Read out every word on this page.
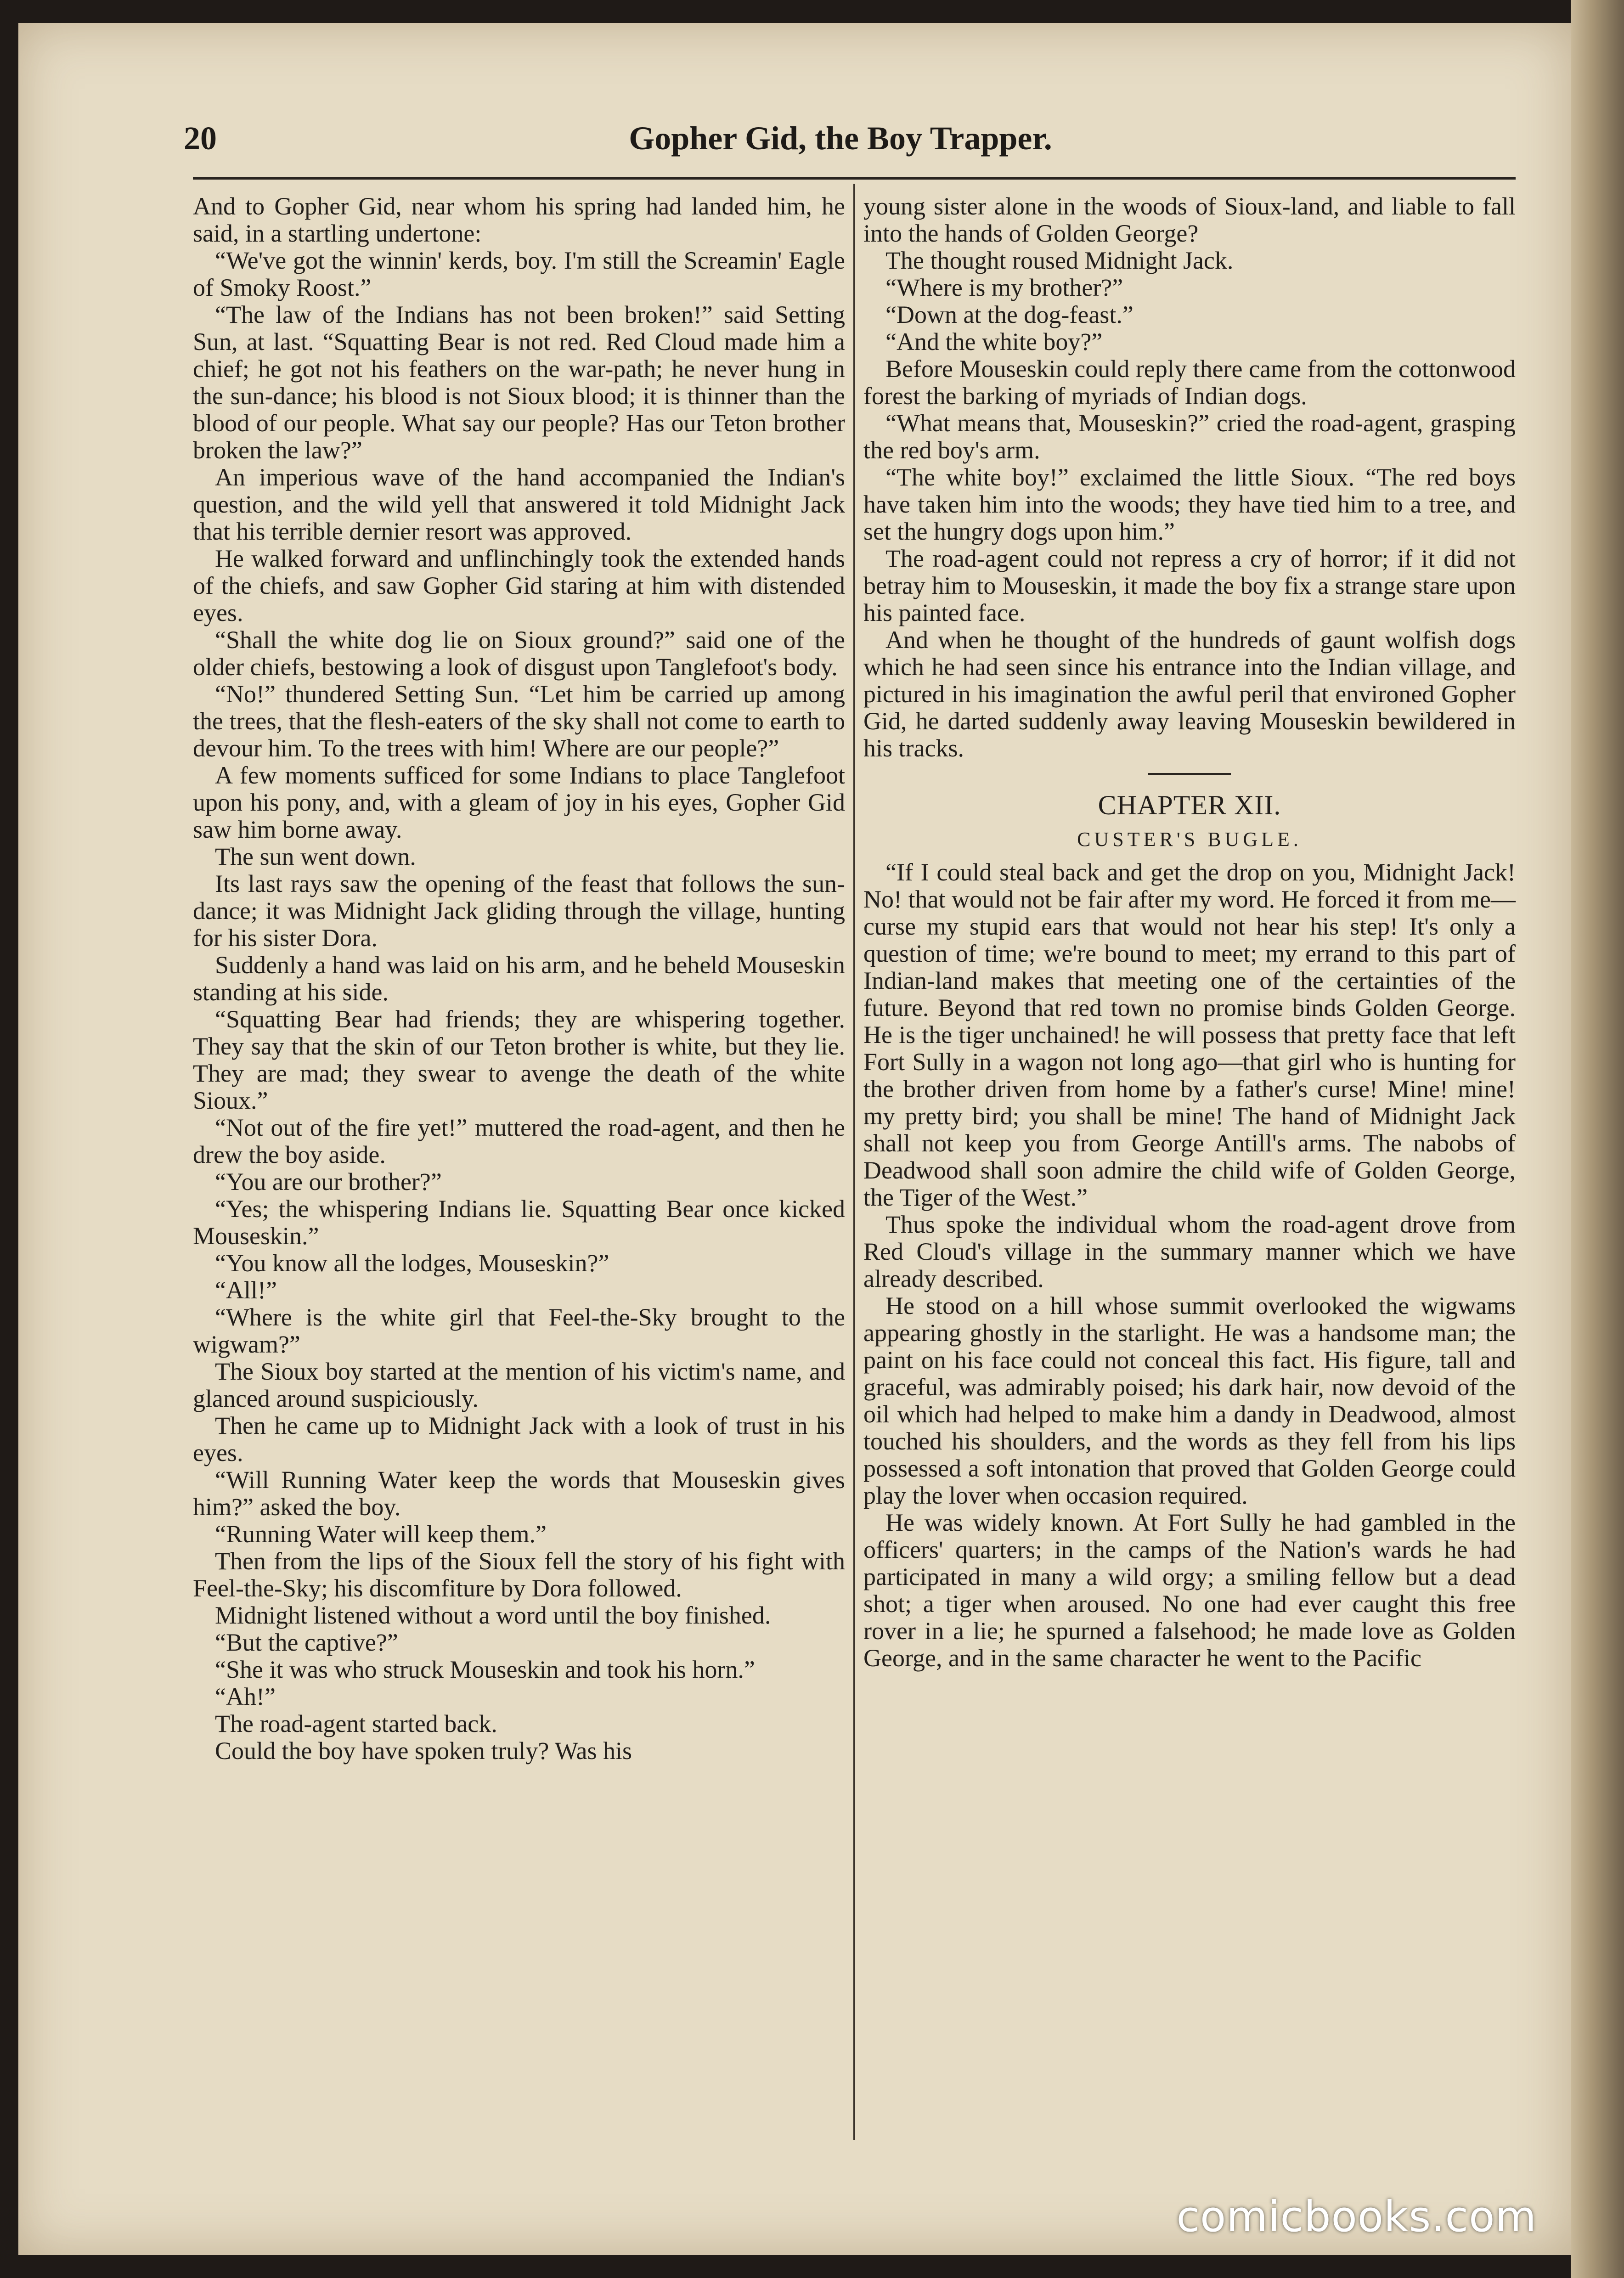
20	Gopher Gid, the Boy Trapper.

And to Gopher Gid, near whom his spring had landed him, he said, in a startling undertone:

“We've got the winnin' kerds, boy. I'm still the Screamin' Eagle of Smoky Roost.”

“The law of the Indians has not been broken!” said Setting Sun, at last. “Squatting Bear is not red. Red Cloud made him a chief; he got not his feathers on the war-path; he never hung in the sun-dance; his blood is not Sioux blood; it is thinner than the blood of our people. What say our people? Has our Teton brother broken the law?”

An imperious wave of the hand accompanied the Indian's question, and the wild yell that answered it told Midnight Jack that his terrible dernier resort was approved.

He walked forward and unflinchingly took the extended hands of the chiefs, and saw Gopher Gid staring at him with distended eyes.

“Shall the white dog lie on Sioux ground?” said one of the older chiefs, bestowing a look of disgust upon Tanglefoot's body.

“No!” thundered Setting Sun. “Let him be carried up among the trees, that the flesh-eaters of the sky shall not come to earth to devour him. To the trees with him! Where are our people?”

A few moments sufficed for some Indians to place Tanglefoot upon his pony, and, with a gleam of joy in his eyes, Gopher Gid saw him borne away.

The sun went down.

Its last rays saw the opening of the feast that follows the sun-dance; it was Midnight Jack gliding through the village, hunting for his sister Dora.

Suddenly a hand was laid on his arm, and he beheld Mouseskin standing at his side.

“Squatting Bear had friends; they are whispering together. They say that the skin of our Teton brother is white, but they lie. They are mad; they swear to avenge the death of the white Sioux.”

“Not out of the fire yet!” muttered the road-agent, and then he drew the boy aside.

“You are our brother?”

“Yes; the whispering Indians lie. Squatting Bear once kicked Mouseskin.”

“You know all the lodges, Mouseskin?”

“All!”

“Where is the white girl that Feel-the-Sky brought to the wigwam?”

The Sioux boy started at the mention of his victim's name, and glanced around suspiciously.

Then he came up to Midnight Jack with a look of trust in his eyes.

“Will Running Water keep the words that Mouseskin gives him?” asked the boy.

“Running Water will keep them.”

Then from the lips of the Sioux fell the story of his fight with Feel-the-Sky; his discomfiture by Dora followed.

Midnight listened without a word until the boy finished.

“But the captive?”

“She it was who struck Mouseskin and took his horn.”

“Ah!”

The road-agent started back.

Could the boy have spoken truly? Was his

young sister alone in the woods of Sioux-land, and liable to fall into the hands of Golden George?

The thought roused Midnight Jack.

“Where is my brother?”

“Down at the dog-feast.”

“And the white boy?”

Before Mouseskin could reply there came from the cottonwood forest the barking of myriads of Indian dogs.

“What means that, Mouseskin?” cried the road-agent, grasping the red boy's arm.

“The white boy!” exclaimed the little Sioux. “The red boys have taken him into the woods; they have tied him to a tree, and set the hungry dogs upon him.”

The road-agent could not repress a cry of horror; if it did not betray him to Mouseskin, it made the boy fix a strange stare upon his painted face.

And when he thought of the hundreds of gaunt wolfish dogs which he had seen since his entrance into the Indian village, and pictured in his imagination the awful peril that environed Gopher Gid, he darted suddenly away leaving Mouseskin bewildered in his tracks.

CHAPTER XII.
CUSTER'S BUGLE.

“If I could steal back and get the drop on you, Midnight Jack! No! that would not be fair after my word. He forced it from me—curse my stupid ears that would not hear his step! It's only a question of time; we're bound to meet; my errand to this part of Indian-land makes that meeting one of the certainties of the future. Beyond that red town no promise binds Golden George. He is the tiger unchained! he will possess that pretty face that left Fort Sully in a wagon not long ago—that girl who is hunting for the brother driven from home by a father's curse! Mine! mine! my pretty bird; you shall be mine! The hand of Midnight Jack shall not keep you from George Antill's arms. The nabobs of Deadwood shall soon admire the child wife of Golden George, the Tiger of the West.”

Thus spoke the individual whom the road-agent drove from Red Cloud's village in the summary manner which we have already described.

He stood on a hill whose summit overlooked the wigwams appearing ghostly in the starlight. He was a handsome man; the paint on his face could not conceal this fact. His figure, tall and graceful, was admirably poised; his dark hair, now devoid of the oil which had helped to make him a dandy in Deadwood, almost touched his shoulders, and the words as they fell from his lips possessed a soft intonation that proved that Golden George could play the lover when occasion required.

He was widely known. At Fort Sully he had gambled in the officers' quarters; in the camps of the Nation's wards he had participated in many a wild orgy; a smiling fellow but a dead shot; a tiger when aroused. No one had ever caught this free rover in a lie; he spurned a falsehood; he made love as Golden George, and in the same character he went to the Pacific

comicbooks.com
